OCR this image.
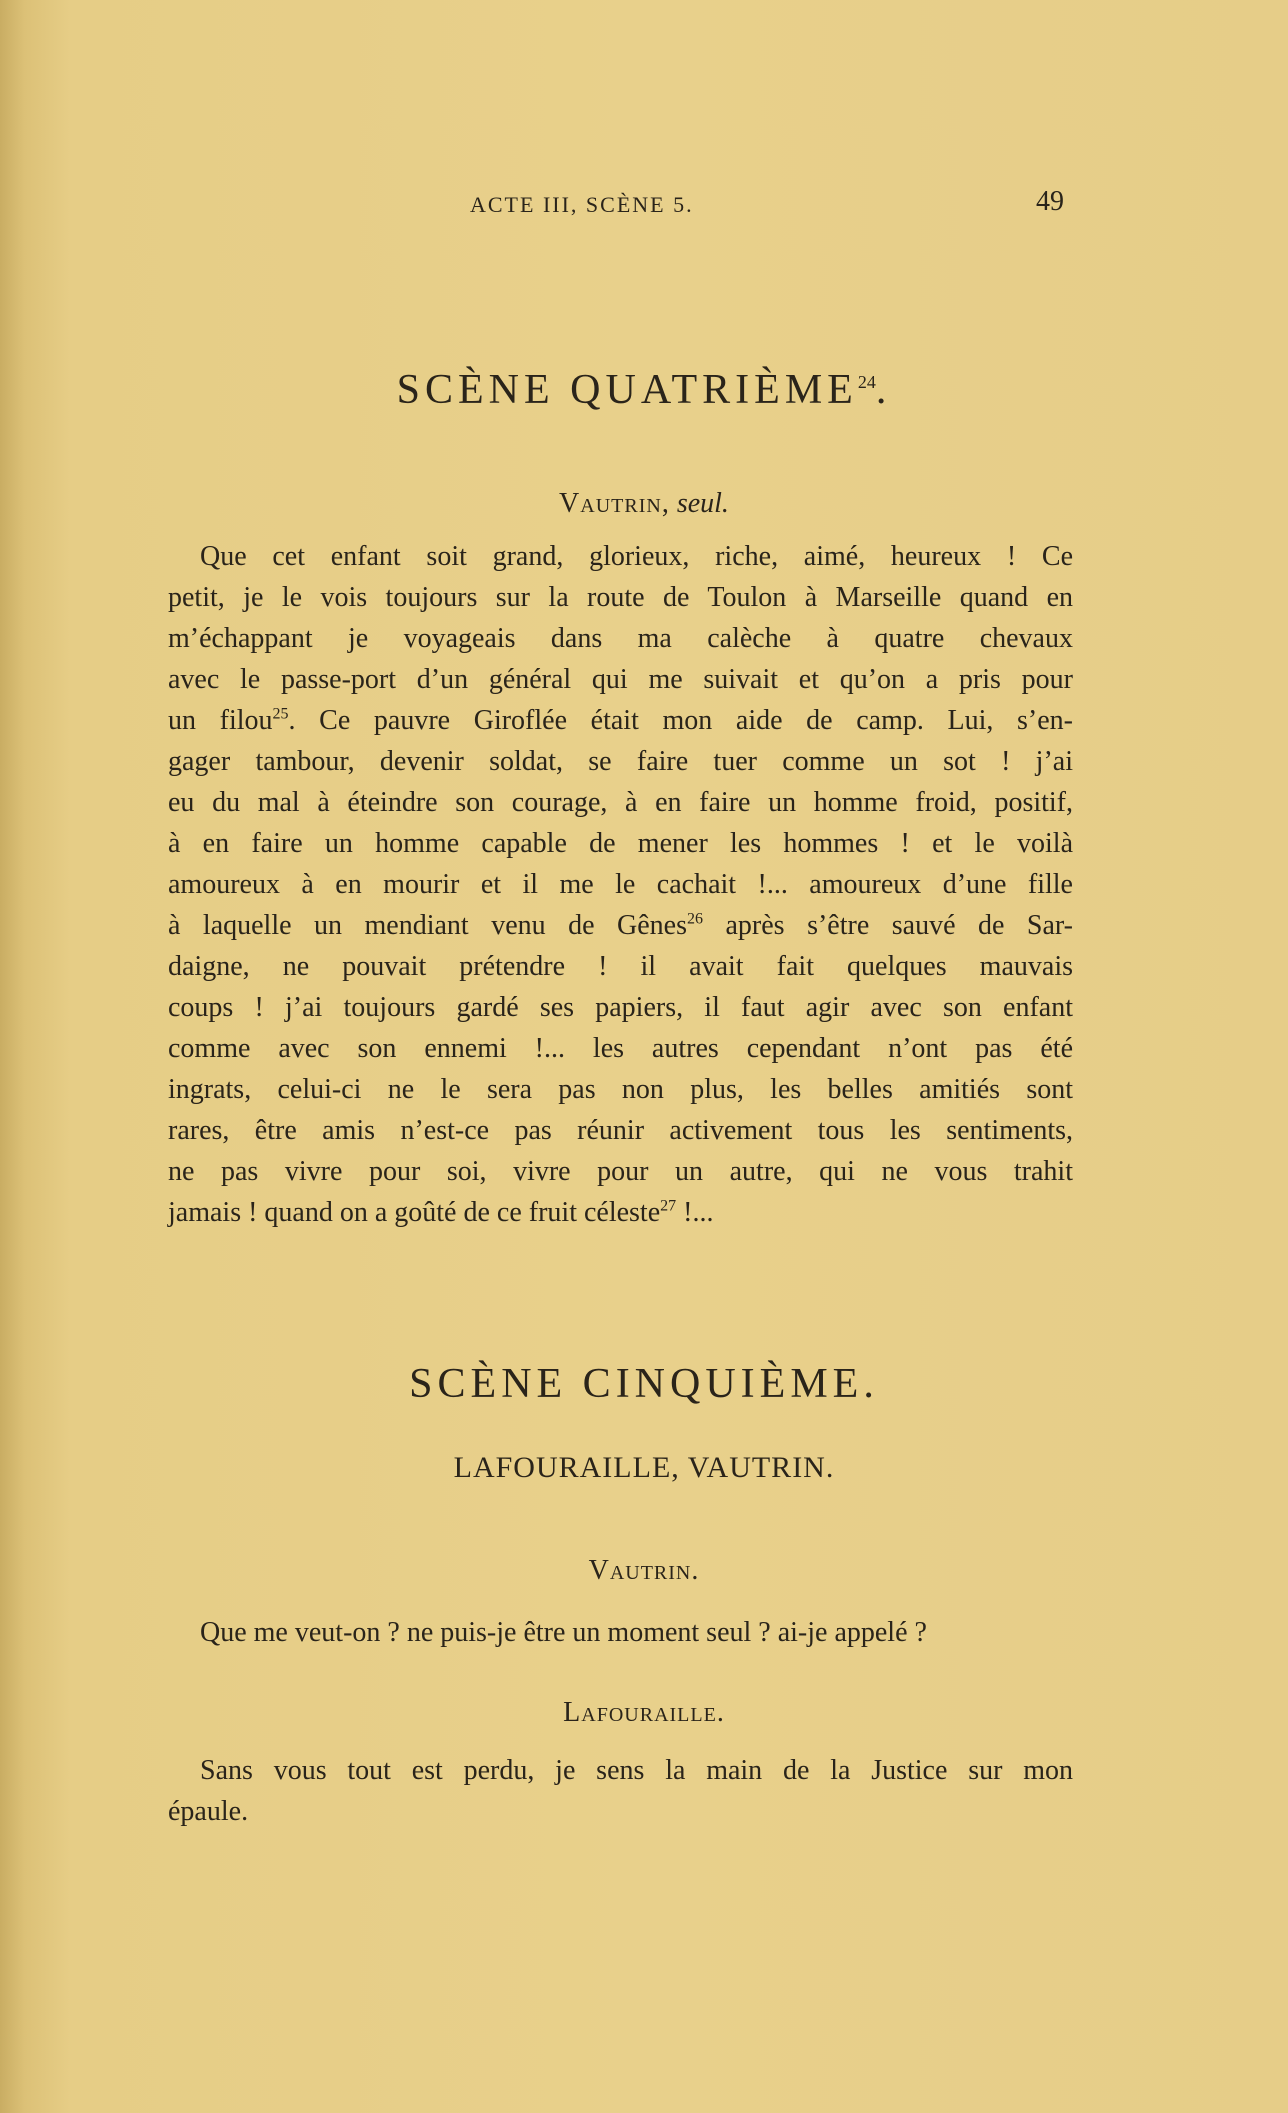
ACTE III, SCÈNE 5.	49
SCÈNE QUATRIÈME$^{24}$.
Vautrin, seul.
Que cet enfant soit grand, glorieux, riche, aimé, heureux ! Ce
petit, je le vois toujours sur la route de Toulon à Marseille quand en
m’échappant je voyageais dans ma calèche à quatre chevaux
avec le passe-port d’un général qui me suivait et qu’on a pris pour
un filou$^{25}$. Ce pauvre Giroflée était mon aide de camp. Lui, s’en-
gager tambour, devenir soldat, se faire tuer comme un sot ! j’ai
eu du mal à éteindre son courage, à en faire un homme froid, positif,
à en faire un homme capable de mener les hommes ! et le voilà
amoureux à en mourir et il me le cachait !... amoureux d’une fille
à laquelle un mendiant venu de Gênes$^{26}$ après s’être sauvé de Sar-
daigne, ne pouvait prétendre ! il avait fait quelques mauvais
coups ! j’ai toujours gardé ses papiers, il faut agir avec son enfant
comme avec son ennemi !... les autres cependant n’ont pas été
ingrats, celui-ci ne le sera pas non plus, les belles amitiés sont
rares, être amis n’est-ce pas réunir activement tous les sentiments,
ne pas vivre pour soi, vivre pour un autre, qui ne vous trahit
jamais ! quand on a goûté de ce fruit céleste$^{27}$ !...
SCÈNE CINQUIÈME.
LAFOURAILLE, VAUTRIN.
Vautrin.
Que me veut-on ? ne puis-je être un moment seul ? ai-je appelé ?
Lafouraille.
Sans vous tout est perdu, je sens la main de la Justice sur mon
épaule.
